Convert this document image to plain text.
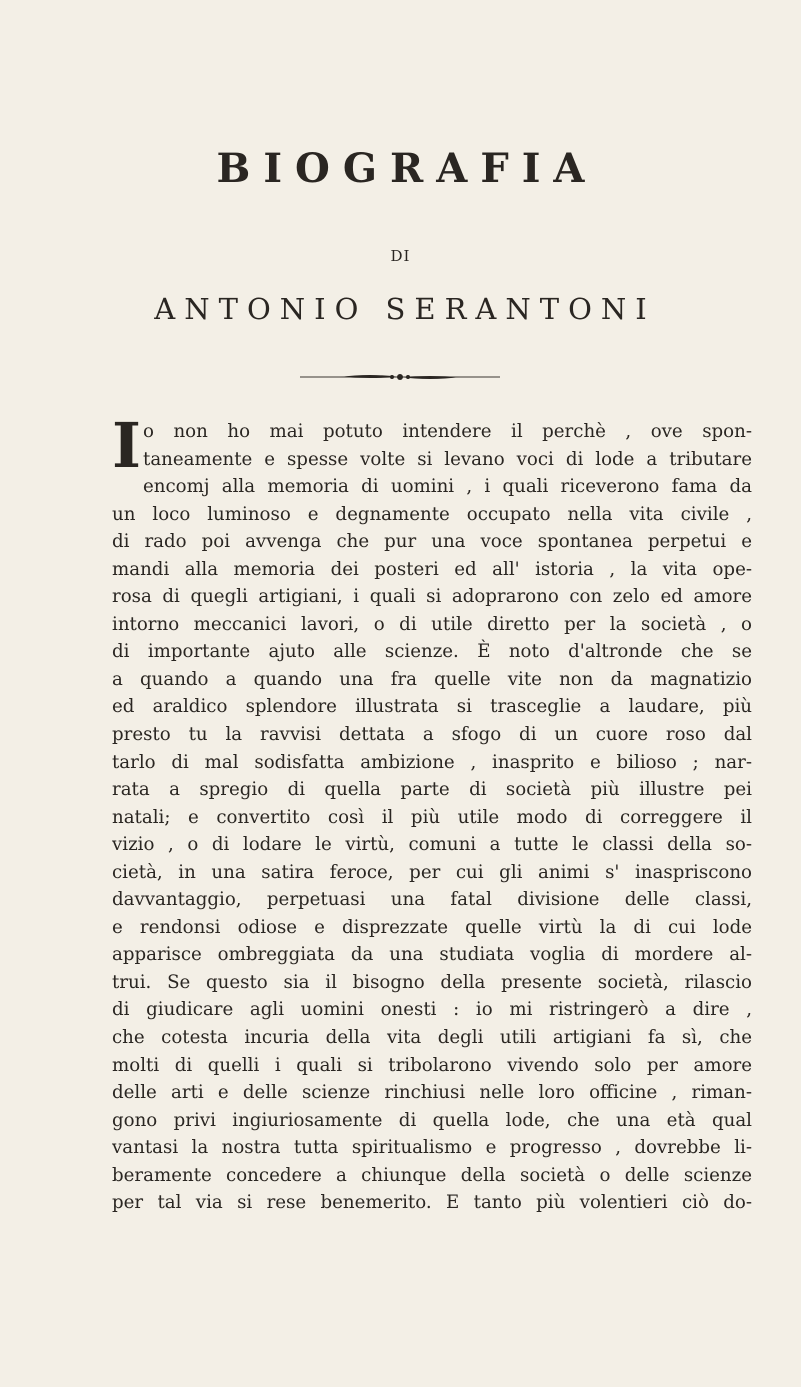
BIOGRAFIA
DI
ANTONIO SERANTONI
I o non ho mai potuto intendere il perchè , ove spon-
taneamente e spesse volte si levano voci di lode a tributare
encomj alla memoria di uomini , i quali riceverono fama da
un loco luminoso e degnamente occupato nella vita civile ,
di rado poi avvenga che pur una voce spontanea perpetui e
mandi alla memoria dei posteri ed all' istoria , la vita ope-
rosa di quegli artigiani, i quali si adoprarono con zelo ed amore
intorno meccanici lavori, o di utile diretto per la società , o
di importante ajuto alle scienze. È noto d'altronde che se
a quando a quando una fra quelle vite non da magnatizio
ed araldico splendore illustrata si trasceglie a laudare, più
presto tu la ravvisi dettata a sfogo di un cuore roso dal
tarlo di mal sodisfatta ambizione , inasprito e bilioso ; nar-
rata a spregio di quella parte di società più illustre pei
natali; e convertito così il più utile modo di correggere il
vizio , o di lodare le virtù, comuni a tutte le classi della so-
cietà, in una satira feroce, per cui gli animi s' inaspriscono
davvantaggio, perpetuasi una fatal divisione delle classi,
e rendonsi odiose e disprezzate quelle virtù la di cui lode
apparisce ombreggiata da una studiata voglia di mordere al-
trui. Se questo sia il bisogno della presente società, rilascio
di giudicare agli uomini onesti : io mi ristringerò a dire ,
che cotesta incuria della vita degli utili artigiani fa sì, che
molti di quelli i quali si tribolarono vivendo solo per amore
delle arti e delle scienze rinchiusi nelle loro officine , riman-
gono privi ingiuriosamente di quella lode, che una età qual
vantasi la nostra tutta spiritualismo e progresso , dovrebbe li-
beramente concedere a chiunque della società o delle scienze
per tal via si rese benemerito. E tanto più volentieri ciò do-
